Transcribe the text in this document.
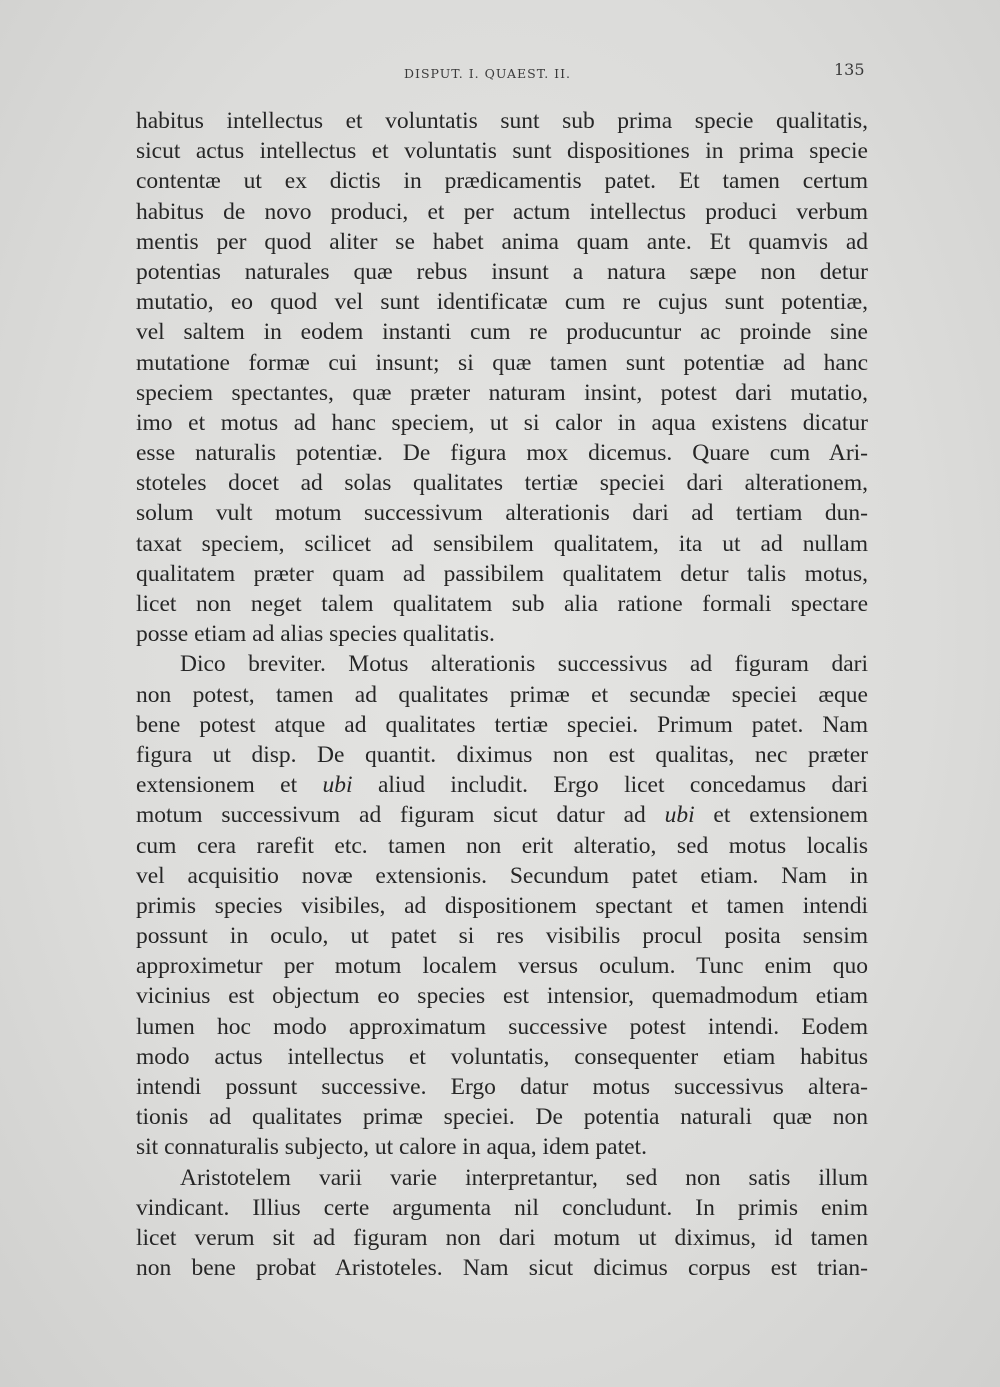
DISPUT. I. QUAEST. II.	135
habitus intellectus et voluntatis sunt sub prima specie qualitatis,
sicut actus intellectus et voluntatis sunt dispositiones in prima specie
contentæ ut ex dictis in prædicamentis patet. Et tamen certum
habitus de novo produci, et per actum intellectus produci verbum
mentis per quod aliter se habet anima quam ante. Et quamvis ad
potentias naturales quæ rebus insunt a natura sæpe non detur
mutatio, eo quod vel sunt identificatæ cum re cujus sunt potentiæ,
vel saltem in eodem instanti cum re producuntur ac proinde sine
mutatione formæ cui insunt; si quæ tamen sunt potentiæ ad hanc
speciem spectantes, quæ præter naturam insint, potest dari mutatio,
imo et motus ad hanc speciem, ut si calor in aqua existens dicatur
esse naturalis potentiæ. De figura mox dicemus. Quare cum Ari-
stoteles docet ad solas qualitates tertiæ speciei dari alterationem,
solum vult motum successivum alterationis dari ad tertiam dun-
taxat speciem, scilicet ad sensibilem qualitatem, ita ut ad nullam
qualitatem præter quam ad passibilem qualitatem detur talis motus,
licet non neget talem qualitatem sub alia ratione formali spectare
posse etiam ad alias species qualitatis.
Dico breviter. Motus alterationis successivus ad figuram dari
non potest, tamen ad qualitates primæ et secundæ speciei æque
bene potest atque ad qualitates tertiæ speciei. Primum patet. Nam
figura ut disp. De quantit. diximus non est qualitas, nec præter
extensionem et ubi aliud includit. Ergo licet concedamus dari
motum successivum ad figuram sicut datur ad ubi et extensionem
cum cera rarefit etc. tamen non erit alteratio, sed motus localis
vel acquisitio novæ extensionis. Secundum patet etiam. Nam in
primis species visibiles, ad dispositionem spectant et tamen intendi
possunt in oculo, ut patet si res visibilis procul posita sensim
approximetur per motum localem versus oculum. Tunc enim quo
vicinius est objectum eo species est intensior, quemadmodum etiam
lumen hoc modo approximatum successive potest intendi. Eodem
modo actus intellectus et voluntatis, consequenter etiam habitus
intendi possunt successive. Ergo datur motus successivus altera-
tionis ad qualitates primæ speciei. De potentia naturali quæ non
sit connaturalis subjecto, ut calore in aqua, idem patet.
Aristotelem varii varie interpretantur, sed non satis illum
vindicant. Illius certe argumenta nil concludunt. In primis enim
licet verum sit ad figuram non dari motum ut diximus, id tamen
non bene probat Aristoteles. Nam sicut dicimus corpus est trian-
